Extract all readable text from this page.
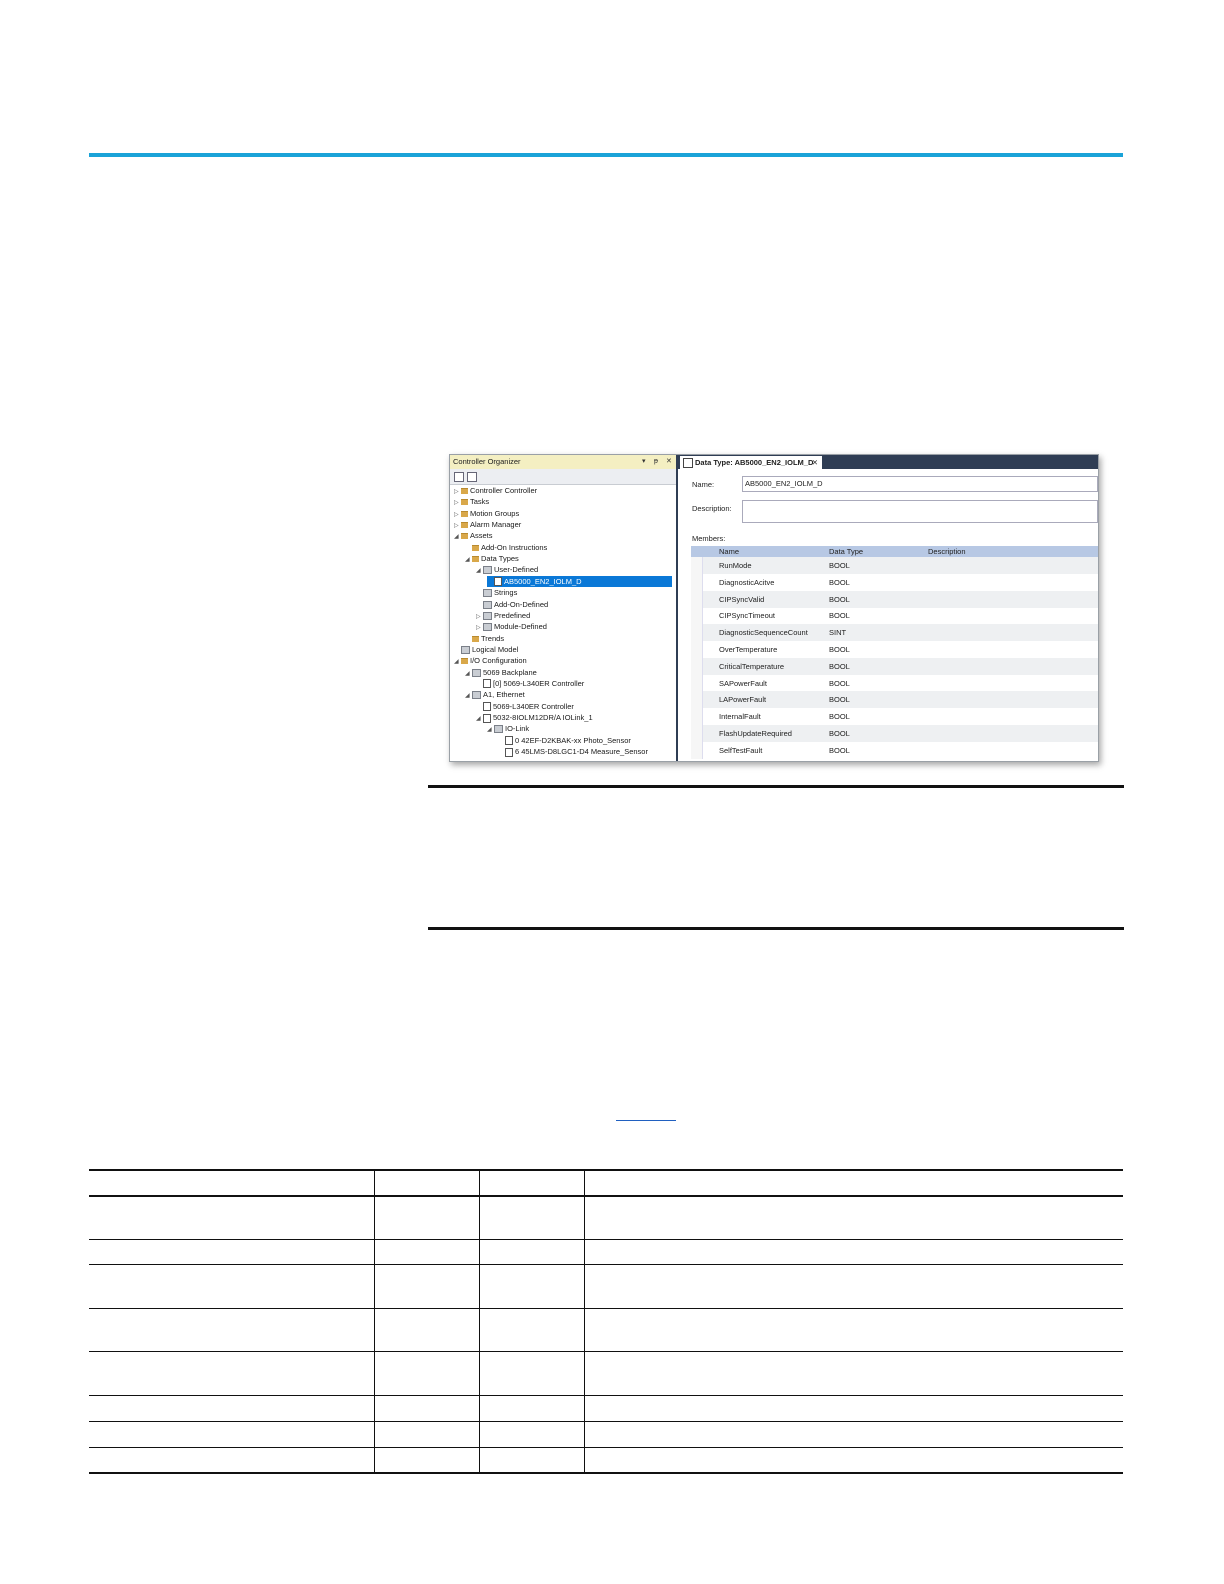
Controller Organizer	▾ ᵽ ✕
▷ Controller Controller
▷ Tasks
▷ Motion Groups
▷ Alarm Manager
◢ Assets
Add-On Instructions
◢ Data Types
◢ User-Defined
AB5000_EN2_IOLM_D
Strings
Add-On-Defined
▷ Predefined
▷ Module-Defined
Trends
Logical Model
◢ I/O Configuration
◢ 5069 Backplane
[0] 5069-L340ER Controller
◢ A1, Ethernet
5069-L340ER Controller
◢ 5032-8IOLM12DR/A IOLink_1
◢ IO-Link
0 42EF-D2KBAK-xx Photo_Sensor
6 45LMS-D8LGC1-D4 Measure_Sensor
Data Type: AB5000_EN2_IOLM_D
✕
Name:	AB5000_EN2_IOLM_D
Description:
Members:
Name	Data Type	Description
RunMode	BOOL
DiagnosticAcitve	BOOL
CIPSyncValid	BOOL
CIPSyncTimeout	BOOL
DiagnosticSequenceCount	SINT
OverTemperature	BOOL
CriticalTemperature	BOOL
SAPowerFault	BOOL
LAPowerFault	BOOL
InternalFault	BOOL
FlashUpdateRequired	BOOL
SelfTestFault	BOOL
